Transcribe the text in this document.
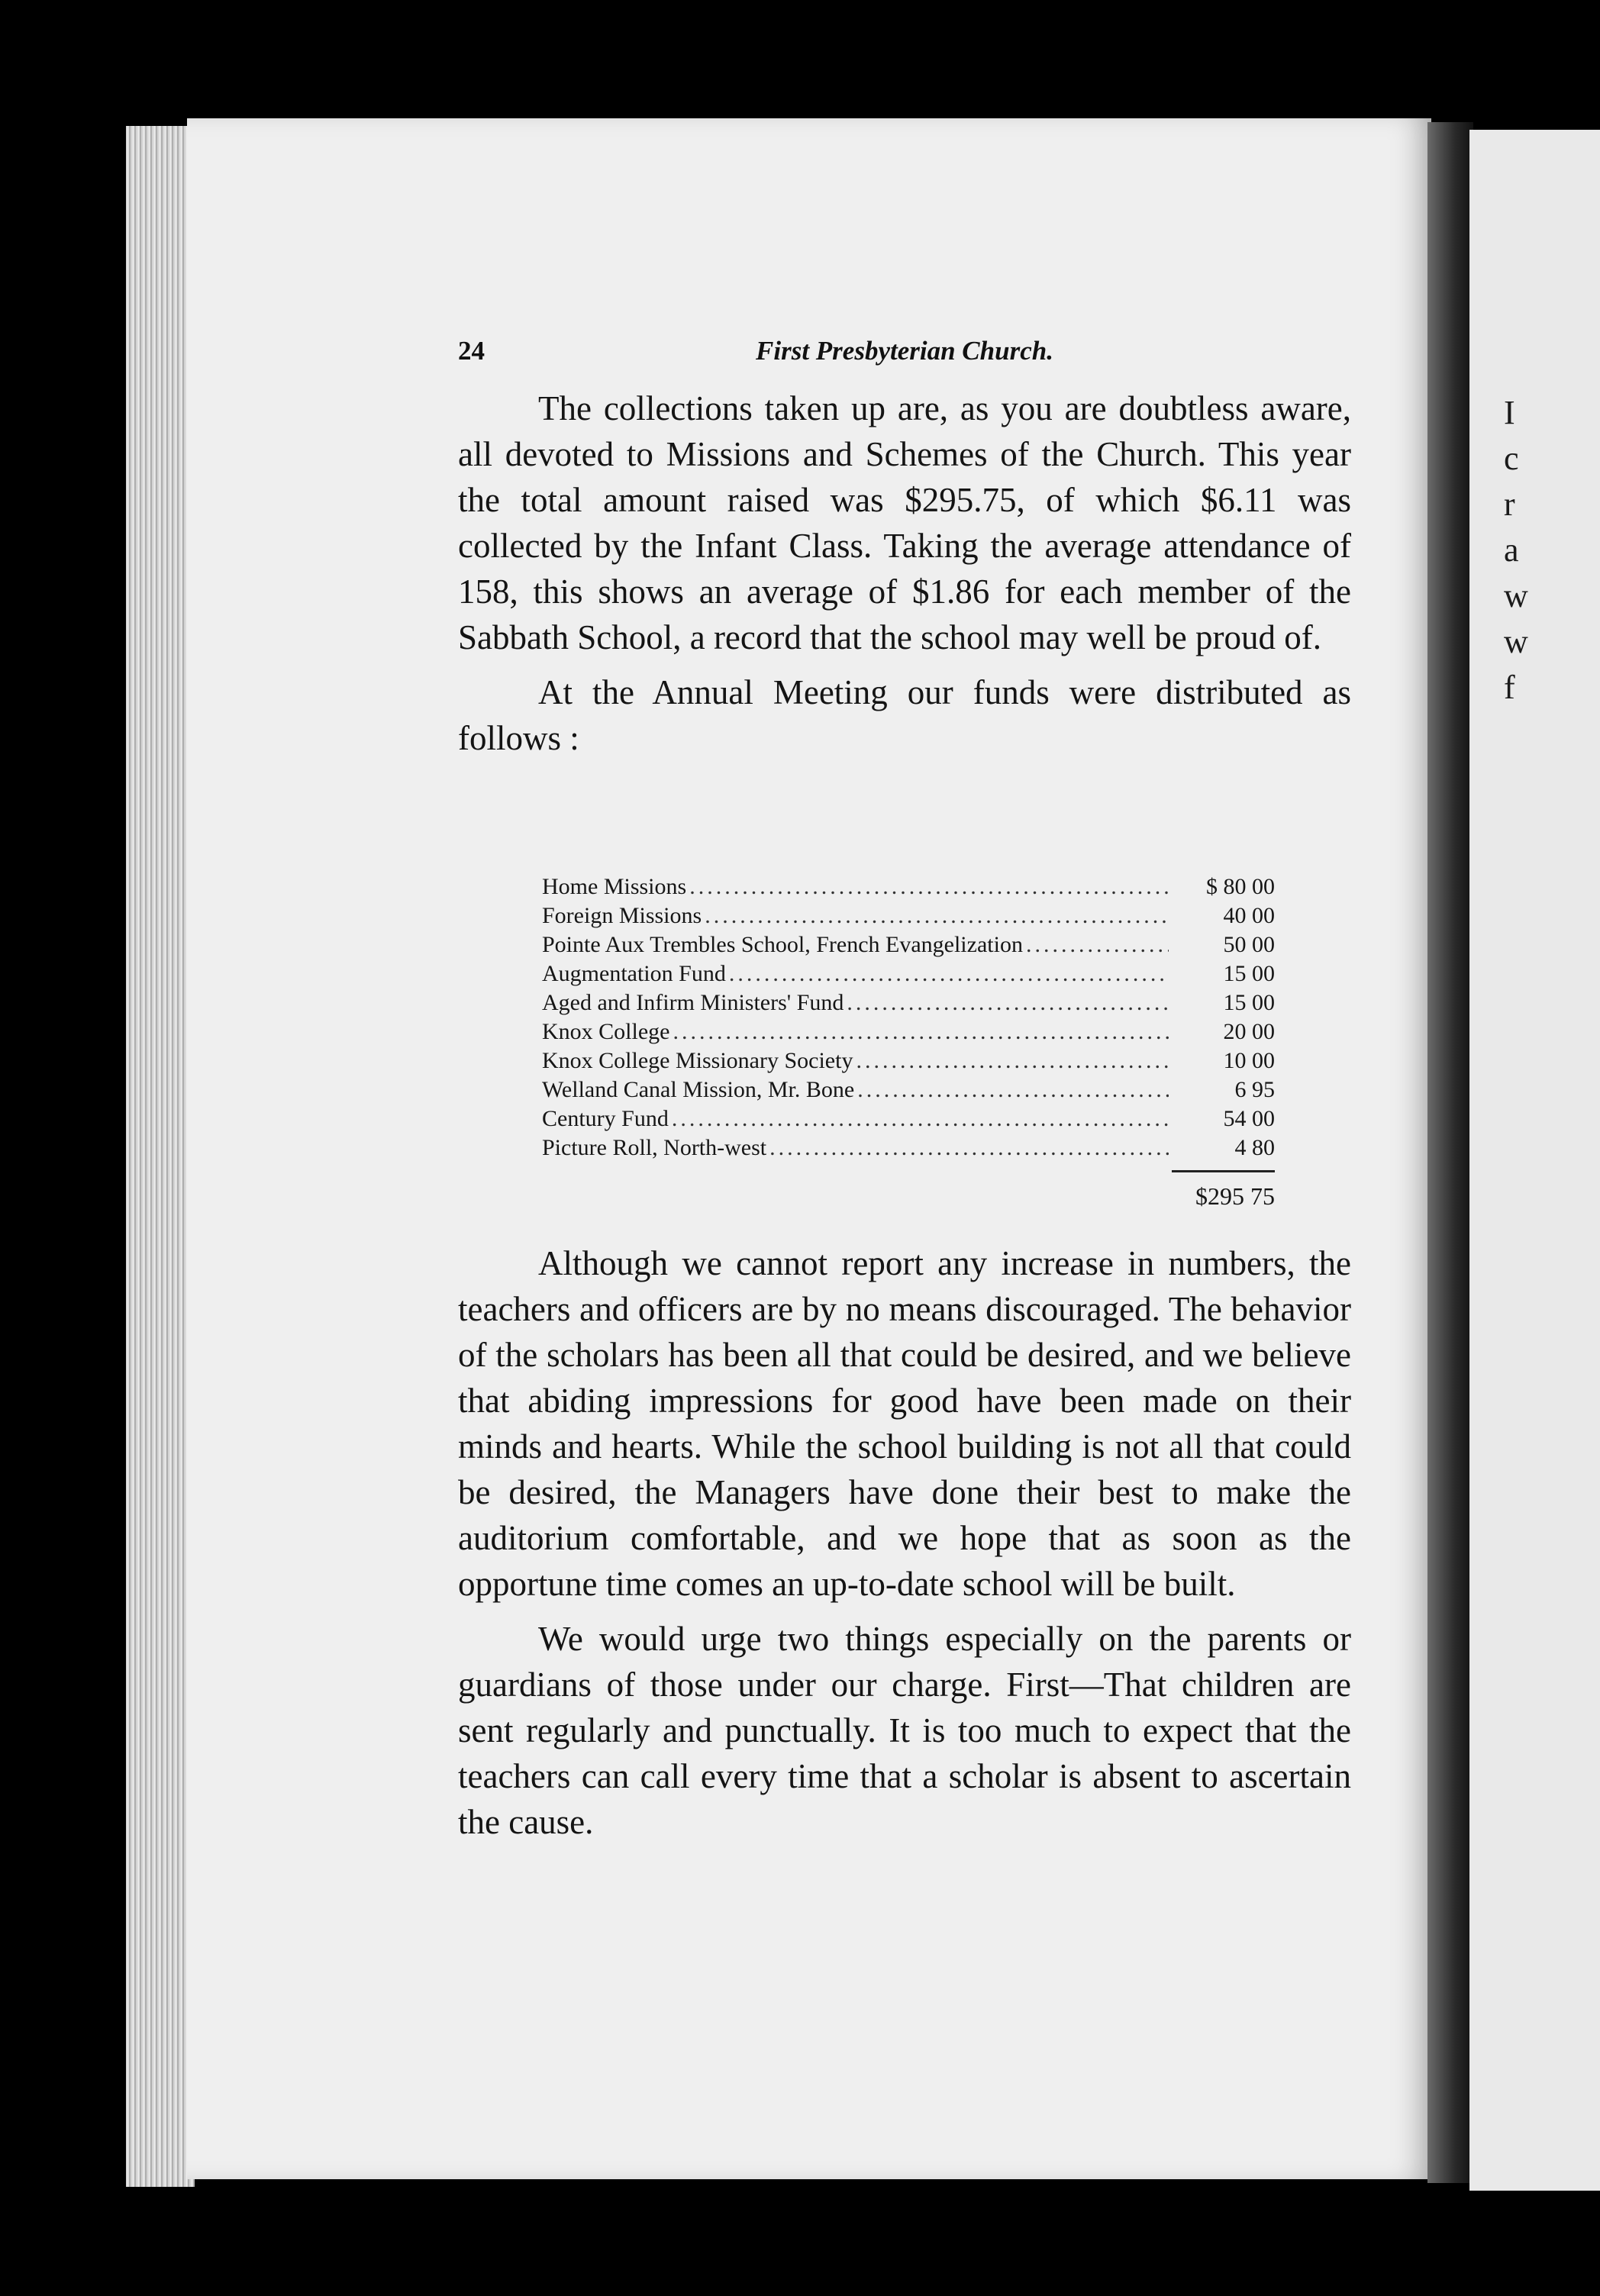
I
c
r
a
w
w
f
24	First Presbyterian Church.

The collections taken up are, as you are doubtless aware, all devoted to Missions and Schemes of the Church. This year the total amount raised was $295.75, of which $6.11 was collected by the Infant Class. Taking the average attendance of 158, this shows an average of $1.86 for each member of the Sabbath School, a record that the school may well be proud of.

At the Annual Meeting our funds were distributed as follows :

Home Missions .....	$ 80 00
Foreign Missions .....	40 00
Pointe Aux Trembles School, French Evangelization .....	50 00
Augmentation Fund .....	15 00
Aged and Infirm Ministers' Fund .....	15 00
Knox College .....	20 00
Knox College Missionary Society .....	10 00
Welland Canal Mission, Mr. Bone .....	6 95
Century Fund .....	54 00
Picture Roll, North-west .....	4 80
$295 75

Although we cannot report any increase in numbers, the teachers and officers are by no means discouraged. The behavior of the scholars has been all that could be desired, and we believe that abiding impressions for good have been made on their minds and hearts. While the school building is not all that could be desired, the Managers have done their best to make the auditorium comfortable, and we hope that as soon as the opportune time comes an up-to-date school will be built.

We would urge two things especially on the parents or guardians of those under our charge. First—That children are sent regularly and punctually. It is too much to expect that the teachers can call every time that a scholar is absent to ascertain the cause.
